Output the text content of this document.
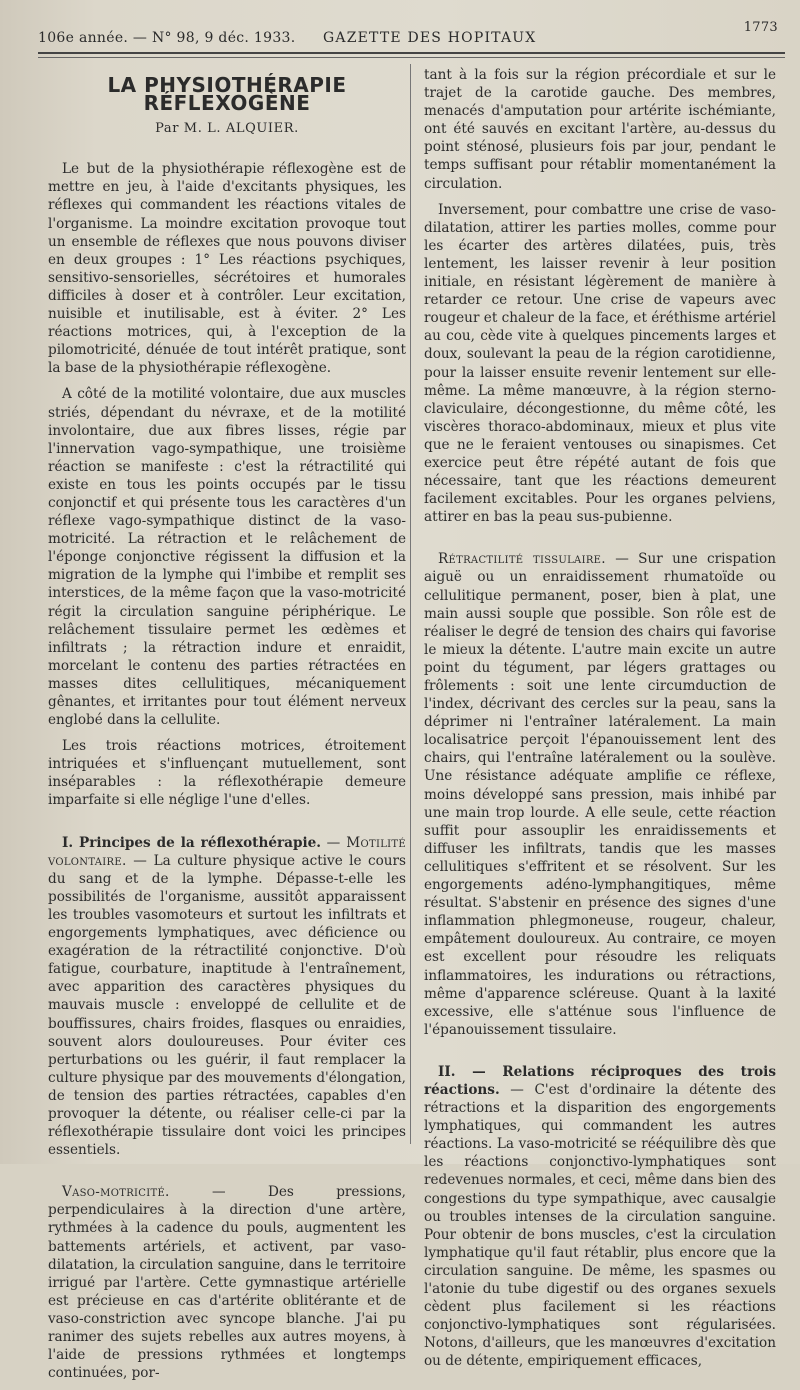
106e année. — N° 98, 9 déc. 1933. GAZETTE DES HOPITAUX
1773
LA PHYSIOTHÉRAPIE RÉFLEXOGÈNE
Par M. L. ALQUIER.

Le but de la physiothérapie réflexogène est de mettre en jeu, à l'aide d'excitants physiques, les réflexes qui commandent les réactions vitales de l'organisme. La moindre excitation provoque tout un ensemble de réflexes que nous pouvons diviser en deux groupes : 1° Les réactions psychiques, sensitivo-sensorielles, sécrétoires et humorales difficiles à doser et à contrôler. Leur excitation, nuisible et inutilisable, est à éviter. 2° Les réactions motrices, qui, à l'exception de la pilomotricité, dénuée de tout intérêt pratique, sont la base de la physiothérapie réflexogène.

A côté de la motilité volontaire, due aux muscles striés, dépendant du névraxe, et de la motilité involontaire, due aux fibres lisses, régie par l'innervation vago-sympathique, une troisième réaction se manifeste : c'est la rétractilité qui existe en tous les points occupés par le tissu conjonctif et qui présente tous les caractères d'un réflexe vago-sympathique distinct de la vaso-motricité. La rétraction et le relâchement de l'éponge conjonctive régissent la diffusion et la migration de la lymphe qui l'imbibe et remplit ses interstices, de la même façon que la vaso-motricité régit la circulation sanguine périphérique. Le relâchement tissulaire permet les œdèmes et infiltrats ; la rétraction indure et enraidit, morcelant le contenu des parties rétractées en masses dites cellulitiques, mécaniquement gênantes, et irritantes pour tout élément nerveux englobé dans la cellulite.

Les trois réactions motrices, étroitement intriquées et s'influençant mutuellement, sont inséparables : la réflexothérapie demeure imparfaite si elle néglige l'une d'elles.

I. Principes de la réflexothérapie. — Motilité volontaire. — La culture physique active le cours du sang et de la lymphe. Dépasse-t-elle les possibilités de l'organisme, aussitôt apparaissent les troubles vasomoteurs et surtout les infiltrats et engorgements lymphatiques, avec déficience ou exagération de la rétractilité conjonctive. D'où fatigue, courbature, inaptitude à l'entraînement, avec apparition des caractères physiques du mauvais muscle : enveloppé de cellulite et de bouffissures, chairs froides, flasques ou enraidies, souvent alors douloureuses. Pour éviter ces perturbations ou les guérir, il faut remplacer la culture physique par des mouvements d'élongation, de tension des parties rétractées, capables d'en provoquer la détente, ou réaliser celle-ci par la réflexothérapie tissulaire dont voici les principes essentiels.

Vaso-motricité.	— Des pressions, perpendiculaires à la direction d'une artère, rythmées à la cadence du pouls, augmentent les battements artériels, et activent, par vaso-dilatation, la circulation sanguine, dans le territoire irrigué par l'artère. Cette gymnastique artérielle est précieuse en cas d'artérite oblitérante et de vaso-constriction avec syncope blanche. J'ai pu ranimer des sujets rebelles aux autres moyens, à l'aide de pressions rythmées et longtemps continuées, por-

tant à la fois sur la région précordiale et sur le trajet de la carotide gauche. Des membres, menacés d'amputation pour artérite ischémiante, ont été sauvés en excitant l'artère, au-dessus du point sténosé, plusieurs fois par jour, pendant le temps suffisant pour rétablir momentanément la circulation.

Inversement, pour combattre une crise de vaso-dilatation, attirer les parties molles, comme pour les écarter des artères dilatées, puis, très lentement, les laisser revenir à leur position initiale, en résistant légèrement de manière à retarder ce retour. Une crise de vapeurs avec rougeur et chaleur de la face, et éréthisme artériel au cou, cède vite à quelques pincements larges et doux, soulevant la peau de la région carotidienne, pour la laisser ensuite revenir lentement sur elle-même. La même manœuvre, à la région sterno-claviculaire, décongestionne, du même côté, les viscères thoraco-abdominaux, mieux et plus vite que ne le feraient ventouses ou sinapismes. Cet exercice peut être répété autant de fois que nécessaire, tant que les réactions demeurent facilement excitables. Pour les organes pelviens, attirer en bas la peau sus-pubienne.

Rétractilité tissulaire. — Sur une crispation aiguë ou un enraidissement rhumatoïde ou cellulitique permanent, poser, bien à plat, une main aussi souple que possible. Son rôle est de réaliser le degré de tension des chairs qui favorise le mieux la détente. L'autre main excite un autre point du tégument, par légers grattages ou frôlements : soit une lente circumduction de l'index, décrivant des cercles sur la peau, sans la déprimer ni l'entraîner latéralement. La main localisatrice perçoit l'épanouissement lent des chairs, qui l'entraîne latéralement ou la soulève. Une résistance adéquate amplifie ce réflexe, moins développé sans pression, mais inhibé par une main trop lourde. A elle seule, cette réaction suffit pour assouplir les enraidissements et diffuser les infiltrats, tandis que les masses cellulitiques s'effritent et se résolvent. Sur les engorgements adéno-lymphangitiques, même résultat. S'abstenir en présence des signes d'une inflammation phlegmoneuse, rougeur, chaleur, empâtement douloureux. Au contraire, ce moyen est excellent pour résoudre les reliquats inflammatoires, les indurations ou rétractions, même d'apparence scléreuse. Quant à la laxité excessive, elle s'atténue sous l'influence de l'épanouissement tissulaire.

II. — Relations réciproques des trois réactions. — C'est d'ordinaire la détente des rétractions et la disparition des engorgements lymphatiques, qui commandent les autres réactions. La vaso-motricité se rééquilibre dès que les réactions conjonctivo-lymphatiques sont redevenues normales, et ceci, même dans bien des congestions du type sympathique, avec causalgie ou troubles intenses de la circulation sanguine. Pour obtenir de bons muscles, c'est la circulation lymphatique qu'il faut rétablir, plus encore que la circulation sanguine. De même, les spasmes ou l'atonie du tube digestif ou des organes sexuels cèdent plus facilement si les réactions conjonctivo-lymphatiques sont régularisées. Notons, d'ailleurs, que les manœuvres d'excitation ou de détente, empiriquement efficaces,
